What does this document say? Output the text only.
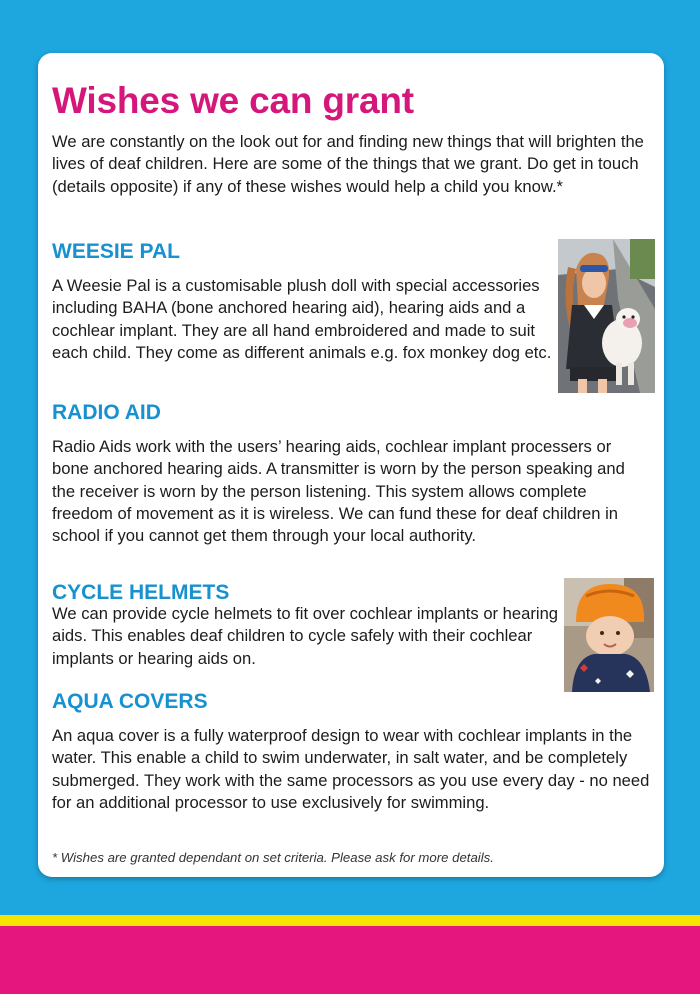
Wishes we can grant

We are constantly on the look out for and finding new things that will brighten the lives of deaf children. Here are some of the things that we grant. Do get in touch (details opposite) if any of these wishes would help a child you know.*

WEESIE PAL

A Weesie Pal is a customisable plush doll with special accessories including BAHA (bone anchored hearing aid), hearing aids and a cochlear implant. They are all hand embroidered and made to suit each child. They come as different animals e.g. fox monkey dog etc.

RADIO AID

Radio Aids work with the users’ hearing aids, cochlear implant processers or bone anchored hearing aids. A transmitter is worn by the person speaking and the receiver is worn by the person listening. This system allows complete freedom of movement as it is wireless. We can fund these for deaf children in school if you cannot get them through your local authority.

CYCLE HELMETS

We can provide cycle helmets to fit over cochlear implants or hearing aids. This enables deaf children to cycle safely with their cochlear implants or hearing aids on.

AQUA COVERS

An aqua cover is a fully waterproof design to wear with cochlear implants in the water. This enable a child to swim underwater, in salt water, and be completely submerged. They work with the same processors as you use every day - no need for an additional processor to use exclusively for swimming.

* Wishes are granted dependant on set criteria. Please ask for more details.
